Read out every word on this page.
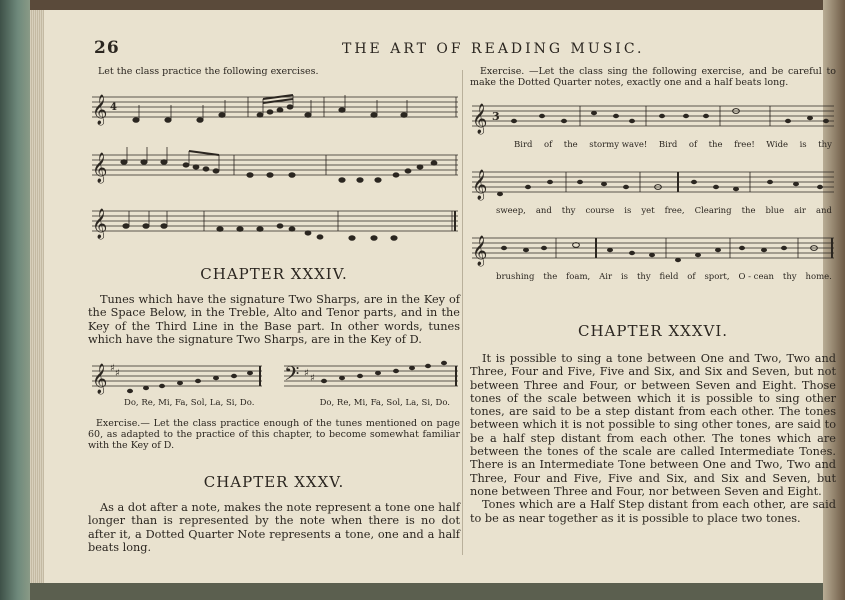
26	THE ART OF READING MUSIC.

Let the class practice the following exercises.

𝄞 4
𝄞
𝄞

CHAPTER XXXIV.

Tunes which have the signature Two Sharps, are in the Key of the Space Below, in the Treble, Alto and Tenor parts, and in the Key of the Third Line in the Base part. In other words, tunes which have the signature Two Sharps, are in the Key of D.

𝄞 ♯ ♯	𝄢 ♯ ♯

Do, Re, Mi, Fa, Sol, La, Si, Do.	Do, Re, Mi, Fa, Sol, La, Si, Do.

Exercise.— Let the class practice enough of the tunes mentioned on page 60, as adapted to the practice of this chapter, to become somewhat familiar with the Key of D.

CHAPTER XXXV.

As a dot after a note, makes the note represent a tone one half longer than is represented by the note when there is no dot after it, a Dotted Quarter Note represents a tone, one and a half beats long.

Exercise. —Let the class sing the following exercise, and be careful to make the Dotted Quarter notes, exactly one and a half beats long.

𝄞 3
Bird of the stormy wave! Bird of the free! Wide is thy
𝄞
sweep, and thy course is yet free, Clearing the blue air and
𝄞
brushing the foam, Air is thy field of sport, O - cean thy home.

CHAPTER XXXVI.

It is possible to sing a tone between One and Two, Two and Three, Four and Five, Five and Six, and Six and Seven, but not between Three and Four, or between Seven and Eight. Those tones of the scale between which it is possible to sing other tones, are said to be a step distant from each other. The tones between which it is not possible to sing other tones, are said to be a half step distant from each other. The tones which are between the tones of the scale are called Intermediate Tones. There is an Intermediate Tone between One and Two, Two and Three, Four and Five, Five and Six, and Six and Seven, but none between Three and Four, nor between Seven and Eight.

Tones which are a Half Step distant from each other, are said to be as near together as it is possible to place two tones.
